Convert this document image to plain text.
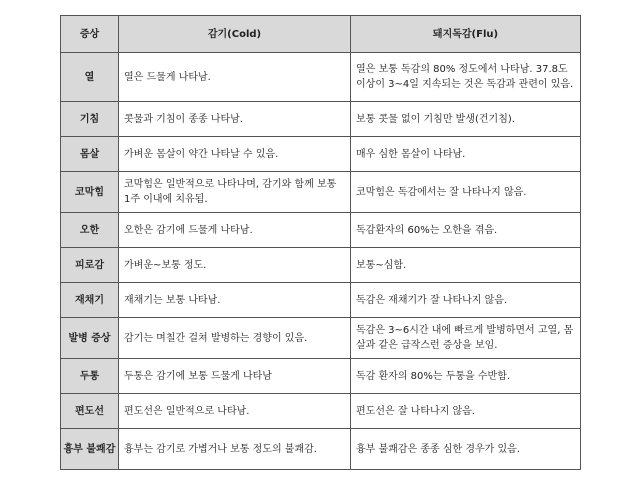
증상	감기(Cold)	돼지독감(Flu)
열	열은 드물게 나타남.	열은 보통 독감의 80% 정도에서 나타남. 37.8도 이상이 3~4일 지속되는 것은 독감과 관련이 있음.
기침	콧물과 기침이 종종 나타남.	보통 콧물 없이 기침만 발생(건기침).
몸살	가벼운 몸살이 약간 나타날 수 있음.	매우 심한 몸살이 나타남.
코막힘	코막힘은 일반적으로 나타나며, 감기와 함께 보통 1주 이내에 치유됨.	코막힘은 독감에서는 잘 나타나지 않음.
오한	오한은 감기에 드물게 나타남.	독감환자의 60%는 오한을 겪음.
피로감	가벼운~보통 정도.	보통~심함.
재채기	재채기는 보통 나타남.	독감은 재채기가 잘 나타나지 않음.
발병 증상	감기는 며칠간 걸쳐 발병하는 경향이 있음.	독감은 3~6시간 내에 빠르게 발병하면서 고열, 몸살과 같은 급작스런 증상을 보임.
두통	두통은 감기에 보통 드물게 나타남	독감 환자의 80%는 두통을 수반함.
편도선	편도선은 일반적으로 나타남.	편도선은 잘 나타나지 않음.
흉부 불쾌감	흉부는 감기로 가볍거나 보통 정도의 불쾌감.	흉부 불쾌감은 종종 심한 경우가 있음.
